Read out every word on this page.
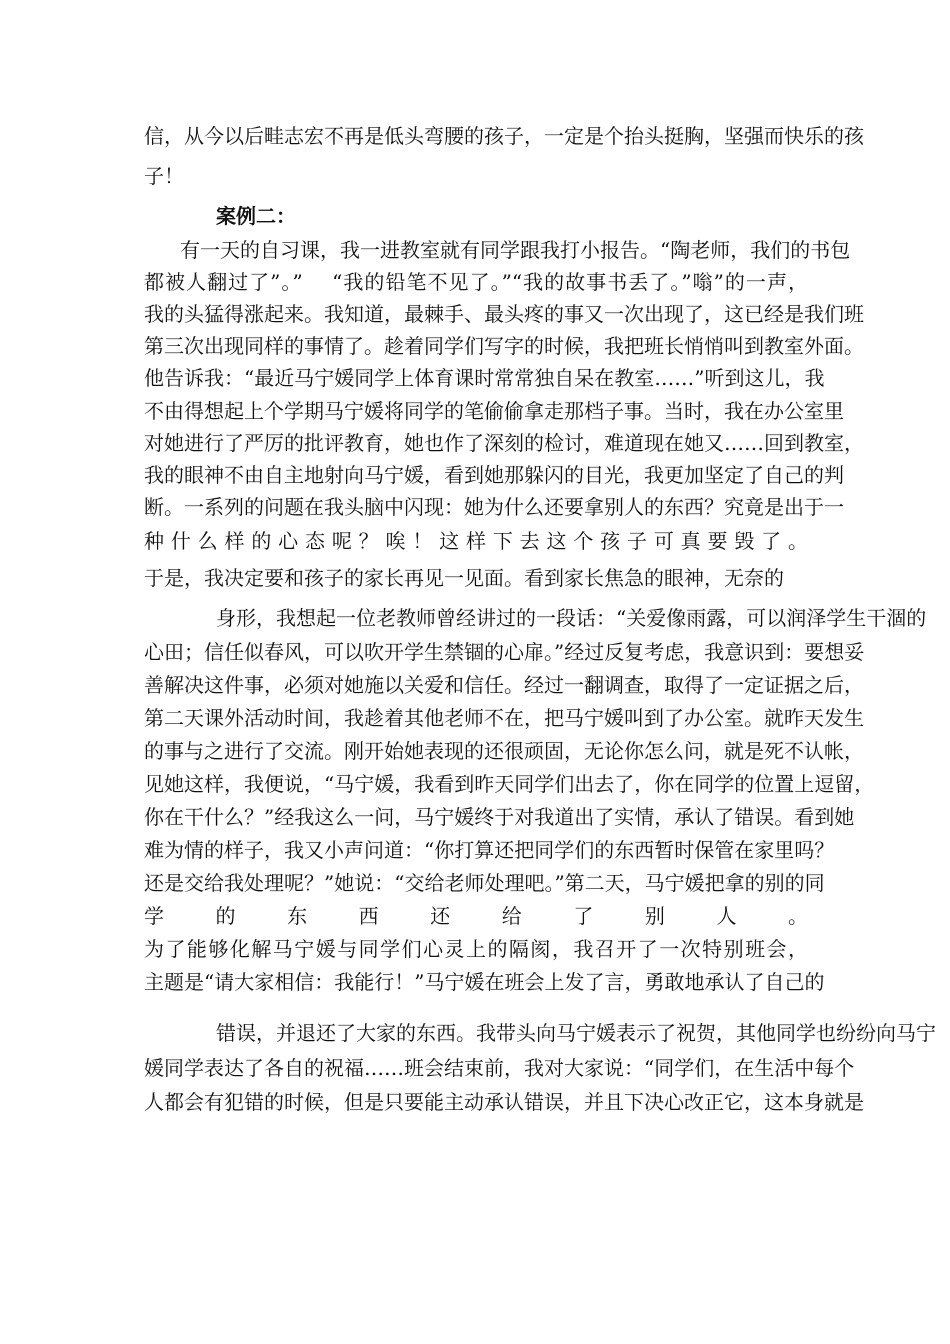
信，从今以后畦志宏不再是低头弯腰的孩子，一定是个抬头挺胸，坚强而快乐的孩
子！
案例二：
有一天的自习课，我一进教室就有同学跟我打小报告。“陶老师，我们的书包
都被人翻过了”。”　 “我的铅笔不见了。”“我的故事书丢了。”嗡”的一声，
我的头猛得涨起来。我知道，最棘手、最头疼的事又一次出现了，这已经是我们班
第三次出现同样的事情了。趁着同学们写字的时候，我把班长悄悄叫到教室外面。
他告诉我：“最近马宁媛同学上体育课时常常独自呆在教室……”听到这儿，我
不由得想起上个学期马宁媛将同学的笔偷偷拿走那档子事。当时，我在办公室里
对她进行了严厉的批评教育，她也作了深刻的检讨，难道现在她又……回到教室，
我的眼神不由自主地射向马宁媛，看到她那躲闪的目光，我更加坚定了自己的判
断。一系列的问题在我头脑中闪现：她为什么还要拿别人的东西？究竟是出于一
种什么样的心态呢？唉！这样下去这个孩子可真要毁了。
于是，我决定要和孩子的家长再见一见面。看到家长焦急的眼神，无奈的
身形，我想起一位老教师曾经讲过的一段话：“关爱像雨露，可以润泽学生干涸的
心田；信任似春风，可以吹开学生禁锢的心扉。”经过反复考虑，我意识到：要想妥
善解决这件事，必须对她施以关爱和信任。经过一翻调查，取得了一定证据之后，
第二天课外活动时间，我趁着其他老师不在，把马宁媛叫到了办公室。就昨天发生
的事与之进行了交流。刚开始她表现的还很顽固，无论你怎么问，就是死不认帐，
见她这样，我便说，“马宁媛，我看到昨天同学们出去了，你在同学的位置上逗留，
你在干什么？”经我这么一问，马宁媛终于对我道出了实情，承认了错误。看到她
难为情的样子，我又小声问道：“你打算还把同学们的东西暂时保管在家里吗？
还是交给我处理呢？”她说：“交给老师处理吧。”第二天，马宁媛把拿的别的同
学的东西还给了别人。
为了能够化解马宁媛与同学们心灵上的隔阂，我召开了一次特别班会，
主题是“请大家相信：我能行！”马宁媛在班会上发了言，勇敢地承认了自己的
错误，并退还了大家的东西。我带头向马宁媛表示了祝贺，其他同学也纷纷向马宁
媛同学表达了各自的祝福……班会结束前，我对大家说：“同学们，在生活中每个
人都会有犯错的时候，但是只要能主动承认错误，并且下决心改正它，这本身就是
